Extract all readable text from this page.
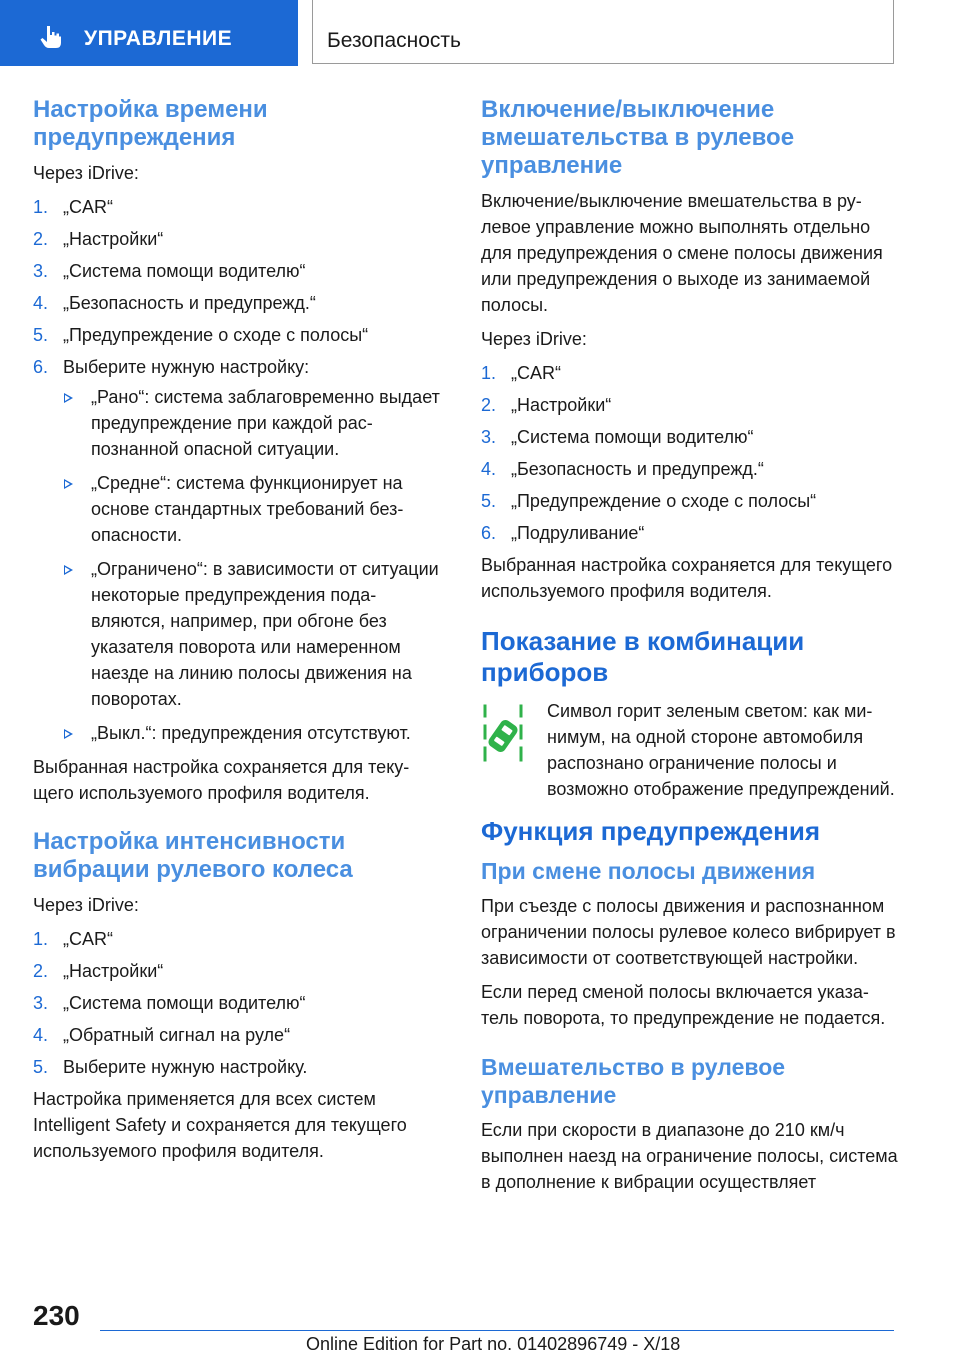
УПРАВЛЕНИЕ	Безопасность
Настройка времени предупреждения

Через iDrive:

1. „CAR“
2. „Настройки“
3. „Система помощи водителю“
4. „Безопасность и предупрежд.“
5. „Предупреждение о сходе с полосы“
6. Выберите нужную настройку:
„Рано“: система заблаговременно выдает предупреждение при каждой распознанной опасной ситуации.
„Средне“: система функционирует на основе стандартных требований безопасности.
„Ограничено“: в зависимости от ситуации некоторые предупреждения подавляются, например, при обгоне без указателя поворота или намеренном наезде на линию полосы движения на поворотах.
„Выкл.“: предупреждения отсутствуют.

Выбранная настройка сохраняется для текущего используемого профиля водителя.

Настройка интенсивности вибрации рулевого колеса

Через iDrive:

1. „CAR“
2. „Настройки“
3. „Система помощи водителю“
4. „Обратный сигнал на руле“
5. Выберите нужную настройку.

Настройка применяется для всех систем Intelligent Safety и сохраняется для текущего используемого профиля водителя.

Включение/выключение вмешательства в рулевое управление

Включение/выключение вмешательства в рулевое управление можно выполнять отдельно для предупреждения о смене полосы движения или предупреждения о выходе из занимаемой полосы.

Через iDrive:

1. „CAR“
2. „Настройки“
3. „Система помощи водителю“
4. „Безопасность и предупрежд.“
5. „Предупреждение о сходе с полосы“
6. „Подруливание“

Выбранная настройка сохраняется для текущего используемого профиля водителя.

Показание в комбинации приборов

Символ горит зеленым светом: как минимум, на одной стороне автомобиля распознано ограничение полосы и возможно отображение предупреждений.

Функция предупреждения
При смене полосы движения

При съезде с полосы движения и распознанном ограничении полосы рулевое колесо вибрирует в зависимости от соответствующей настройки.

Если перед сменой полосы включается указатель поворота, то предупреждение не подается.

Вмешательство в рулевое управление

Если при скорости в диапазоне до 210 км/ч выполнен наезд на ограничение полосы, система в дополнение к вибрации осуществляет

230
Online Edition for Part no. 01402896749 - X/18
